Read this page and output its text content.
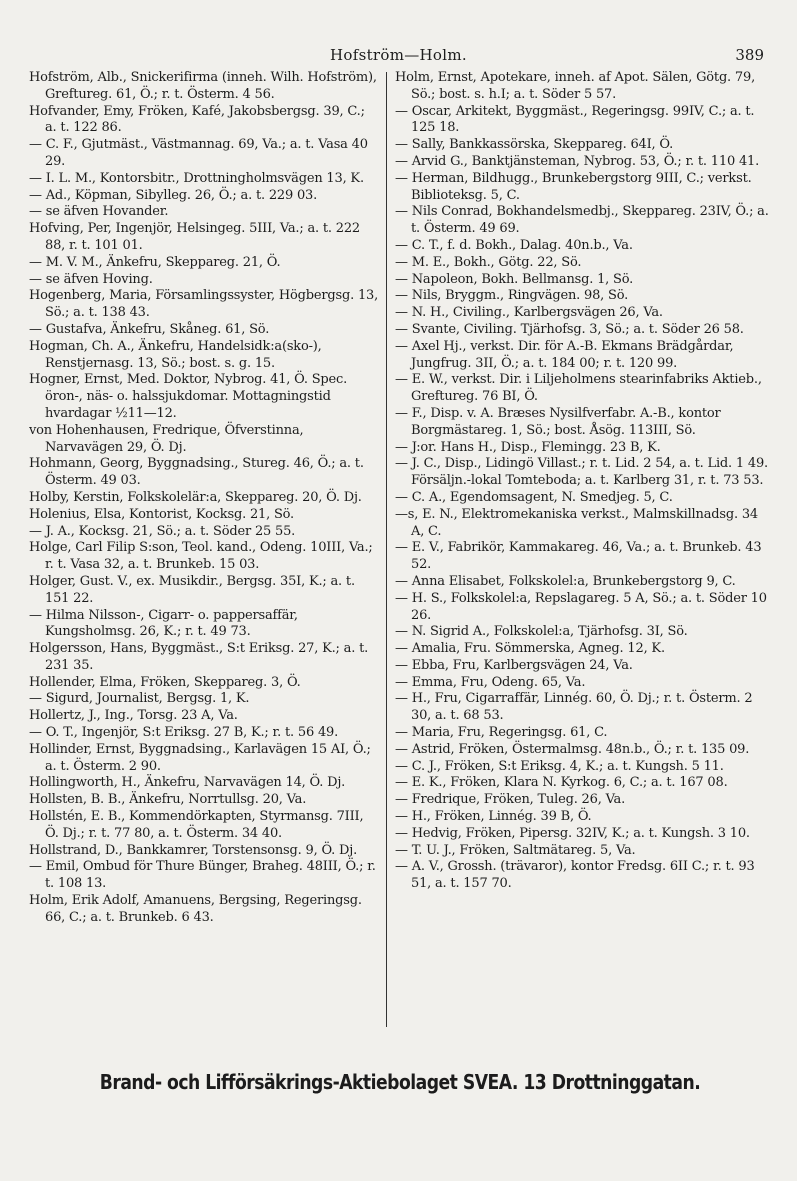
Hofström—Holm.	389

Hofström, Alb., Snickerifirma (inneh. Wilh. Hofström), Greftureg. 61, Ö.; r. t. Österm. 4 56.

Hofvander, Emy, Fröken, Kafé, Jakobsbergsg. 39, C.; a. t. 122 86.

— C. F., Gjutmäst., Västmannag. 69, Va.; a. t. Vasa 40 29.

— I. L. M., Kontorsbitr., Drottningholmsvägen 13, K.

— Ad., Köpman, Sibylleg. 26, Ö.; a. t. 229 03.

— se äfven Hovander.

Hofving, Per, Ingenjör, Helsingeg. 5III, Va.; a. t. 222 88, r. t. 101 01.

— M. V. M., Änkefru, Skeppareg. 21, Ö.

— se äfven Hoving.

Hogenberg, Maria, Församlingssyster, Högbergsg. 13, Sö.; a. t. 138 43.

— Gustafva, Änkefru, Skåneg. 61, Sö.

Hogman, Ch. A., Änkefru, Handelsidk:a(sko-), Renstjernasg. 13, Sö.; bost. s. g. 15.

Hogner, Ernst, Med. Doktor, Nybrog. 41, Ö. Spec. öron-, näs- o. halssjukdomar. Mottagningstid hvardagar ½11—12.

von Hohenhausen, Fredrique, Öfverstinna, Narvavägen 29, Ö. Dj.

Hohmann, Georg, Byggnadsing., Stureg. 46, Ö.; a. t. Österm. 49 03.

Holby, Kerstin, Folkskolelär:a, Skeppareg. 20, Ö. Dj.

Holenius, Elsa, Kontorist, Kocksg. 21, Sö.

— J. A., Kocksg. 21, Sö.; a. t. Söder 25 55.

Holge, Carl Filip S:son, Teol. kand., Odeng. 10III, Va.; r. t. Vasa 32, a. t. Brunkeb. 15 03.

Holger, Gust. V., ex. Musikdir., Bergsg. 35I, K.; a. t. 151 22.

— Hilma Nilsson-, Cigarr- o. pappersaffär, Kungsholmsg. 26, K.; r. t. 49 73.

Holgersson, Hans, Byggmäst., S:t Eriksg. 27, K.; a. t. 231 35.

Hollender, Elma, Fröken, Skeppareg. 3, Ö.

— Sigurd, Journalist, Bergsg. 1, K.

Hollertz, J., Ing., Torsg. 23 A, Va.

— O. T., Ingenjör, S:t Eriksg. 27 B, K.; r. t. 56 49.

Hollinder, Ernst, Byggnadsing., Karlavägen 15 AI, Ö.; a. t. Österm. 2 90.

Hollingworth, H., Änkefru, Narvavägen 14, Ö. Dj.

Hollsten, B. B., Änkefru, Norrtullsg. 20, Va.

Hollstén, E. B., Kommendörkapten, Styrmansg. 7III, Ö. Dj.; r. t. 77 80, a. t. Österm. 34 40.

Hollstrand, D., Bankkamrer, Torstensonsg. 9, Ö. Dj.

— Emil, Ombud för Thure Bünger, Braheg. 48III, Ö.; r. t. 108 13.

Holm, Erik Adolf, Amanuens, Bergsing, Regeringsg. 66, C.; a. t. Brunkeb. 6 43.

Holm, Ernst, Apotekare, inneh. af Apot. Sälen, Götg. 79, Sö.; bost. s. h.I; a. t. Söder 5 57.

— Oscar, Arkitekt, Byggmäst., Regeringsg. 99IV, C.; a. t. 125 18.

— Sally, Bankkassörska, Skeppareg. 64I, Ö.

— Arvid G., Banktjänsteman, Nybrog. 53, Ö.; r. t. 110 41.

— Herman, Bildhugg., Brunkebergstorg 9III, C.; verkst. Biblioteksg. 5, C.

— Nils Conrad, Bokhandelsmedbj., Skeppareg. 23IV, Ö.; a. t. Österm. 49 69.

— C. T., f. d. Bokh., Dalag. 40n.b., Va.

— M. E., Bokh., Götg. 22, Sö.

— Napoleon, Bokh. Bellmansg. 1, Sö.

— Nils, Bryggm., Ringvägen. 98, Sö.

— N. H., Civiling., Karlbergsvägen 26, Va.

— Svante, Civiling. Tjärhofsg. 3, Sö.; a. t. Söder 26 58.

— Axel Hj., verkst. Dir. för A.-B. Ekmans Brädgårdar, Jungfrug. 3II, Ö.; a. t. 184 00; r. t. 120 99.

— E. W., verkst. Dir. i Liljeholmens stearinfabriks Aktieb., Greftureg. 76 BI, Ö.

— F., Disp. v. A. Bræses Nysilfverfabr. A.-B., kontor Borgmästareg. 1, Sö.; bost. Åsög. 113III, Sö.

— J:or. Hans H., Disp., Flemingg. 23 B, K.

— J. C., Disp., Lidingö Villast.; r. t. Lid. 2 54, a. t. Lid. 1 49. Försäljn.-lokal Tomteboda; a. t. Karlberg 31, r. t. 73 53.

— C. A., Egendomsagent, N. Smedjeg. 5, C.

—s, E. N., Elektromekaniska verkst., Malmskillnadsg. 34 A, C.

— E. V., Fabrikör, Kammakareg. 46, Va.; a. t. Brunkeb. 43 52.

— Anna Elisabet, Folkskolel:a, Brunkebergstorg 9, C.

— H. S., Folkskolel:a, Repslagareg. 5 A, Sö.; a. t. Söder 10 26.

— N. Sigrid A., Folkskolel:a, Tjärhofsg. 3I, Sö.

— Amalia, Fru. Sömmerska, Agneg. 12, K.

— Ebba, Fru, Karlbergsvägen 24, Va.

— Emma, Fru, Odeng. 65, Va.

— H., Fru, Cigarraffär, Linnég. 60, Ö. Dj.; r. t. Österm. 2 30, a. t. 68 53.

— Maria, Fru, Regeringsg. 61, C.

— Astrid, Fröken, Östermalmsg. 48n.b., Ö.; r. t. 135 09.

— C. J., Fröken, S:t Eriksg. 4, K.; a. t. Kungsh. 5 11.

— E. K., Fröken, Klara N. Kyrkog. 6, C.; a. t. 167 08.

— Fredrique, Fröken, Tuleg. 26, Va.

— H., Fröken, Linnég. 39 B, Ö.

— Hedvig, Fröken, Pipersg. 32IV, K.; a. t. Kungsh. 3 10.

— T. U. J., Fröken, Saltmätareg. 5, Va.

— A. V., Grossh. (trävaror), kontor Fredsg. 6II C.; r. t. 93 51, a. t. 157 70.

Brand- och Lifförsäkrings-Aktiebolaget SVEA. 13 Drottninggatan.
